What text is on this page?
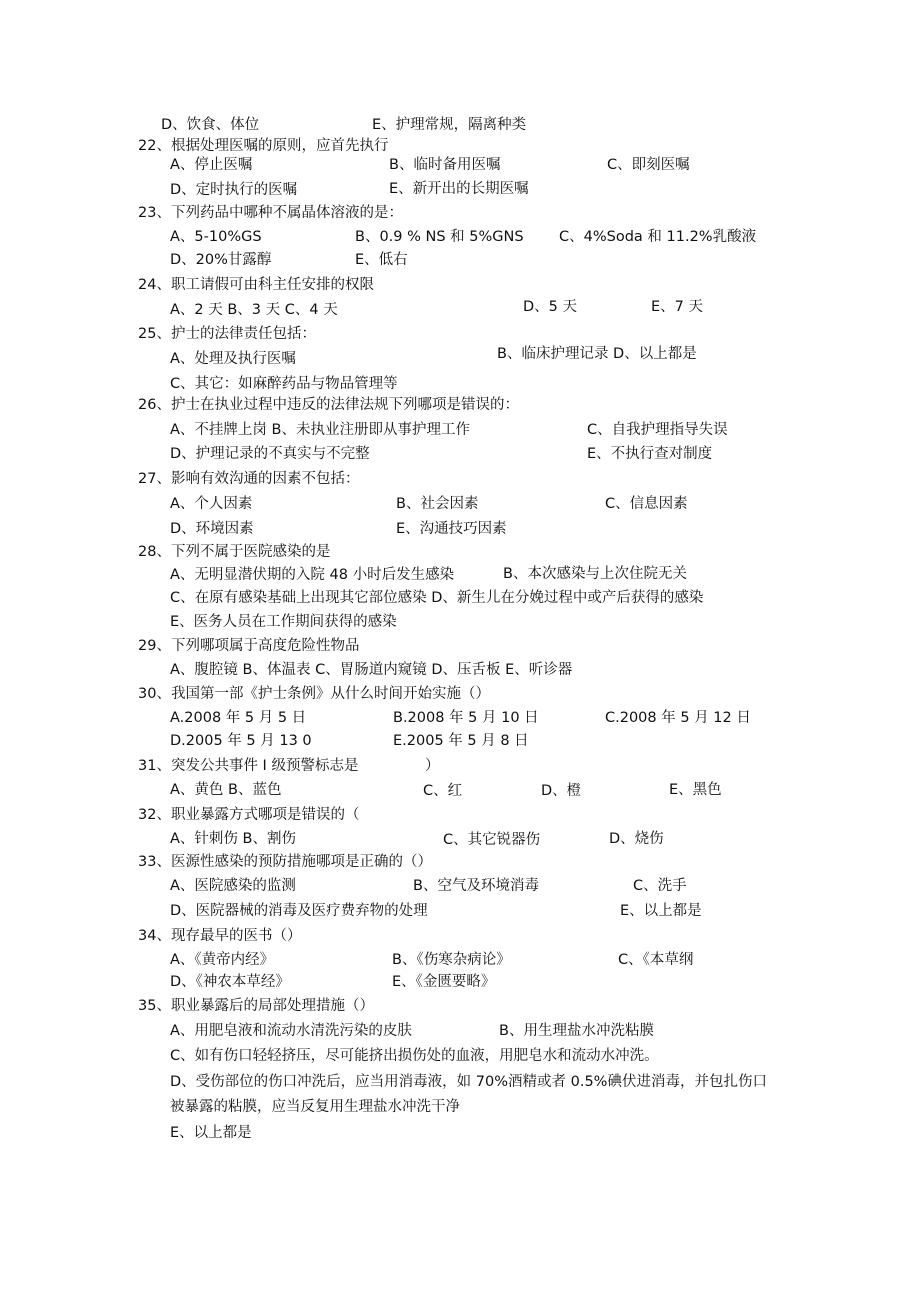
D、饮食、体位	E、护理常规，隔离种类
22、根据处理医嘱的原则，应首先执行
A、停止医嘱	B、临时备用医嘱	C、即刻医嘱
D、定时执行的医嘱	E、新开出的长期医嘱
23、下列药品中哪种不属晶体溶液的是：
A、5-10%GS	B、0.9 % NS 和 5%GNS C、4%Soda 和 11.2%乳酸液
D、20%甘露醇	E、低右
24、职工请假可由科主任安排的权限
A、2 天 B、3 天 C、4 天	D、5 天	E、7 天
25、护士的法律责任包括：
A、处理及执行医嘱	B、临床护理记录 D、以上都是
C、其它：如麻醉药品与物品管理等
26、护士在执业过程中违反的法律法规下列哪项是错误的：
A、不挂牌上岗 B、未执业注册即从事护理工作	C、自我护理指导失误
D、护理记录的不真实与不完整	E、不执行查对制度
27、影响有效沟通的因素不包括：
A、个人因素	B、社会因素	C、信息因素
D、环境因素	E、沟通技巧因素
28、下列不属于医院感染的是
A、无明显潜伏期的入院 48 小时后发生感染	B、本次感染与上次住院无关
C、在原有感染基础上出现其它部位感染 D、新生儿在分娩过程中或产后获得的感染
E、医务人员在工作期间获得的感染
29、下列哪项属于高度危险性物品
A、腹腔镜 B、体温表 C、胃肠道内窥镜 D、压舌板 E、听诊器
30、我国第一部《护士条例》从什么时间开始实施（）
A.2008 年 5 月 5 日	B.2008 年 5 月 10 日	C.2008 年 5 月 12 日
D.2005 年 5 月 13 0	E.2005 年 5 月 8 日
31、突发公共事件 I 级预警标志是	）
A、黄色 B、蓝色	C、红	D、橙	E、黑色
32、职业暴露方式哪项是错误的（
A、针刺伤 B、割伤	C、其它锐器伤	D、烧伤
33、医源性感染的预防措施哪项是正确的（）
A、医院感染的监测	B、空气及环境消毒	C、洗手
D、医院器械的消毒及医疗费弃物的处理	E、以上都是
34、现存最早的医书（）
A、《黄帝内经》	B、《伤寒杂病论》	C、《本草纲
D、《神农本草经》	E、《金匮要略》
35、职业暴露后的局部处理措施（）
A、用肥皂液和流动水清洗污染的皮肤	B、用生理盐水冲洗粘膜
C、如有伤口轻轻挤压，尽可能挤出损伤处的血液，用肥皂水和流动水冲洗。
D、受伤部位的伤口冲洗后，应当用消毒液，如 70%酒精或者 0.5%碘伏进消毒，并包扎伤口
被暴露的粘膜，应当反复用生理盐水冲洗干净
E、以上都是
